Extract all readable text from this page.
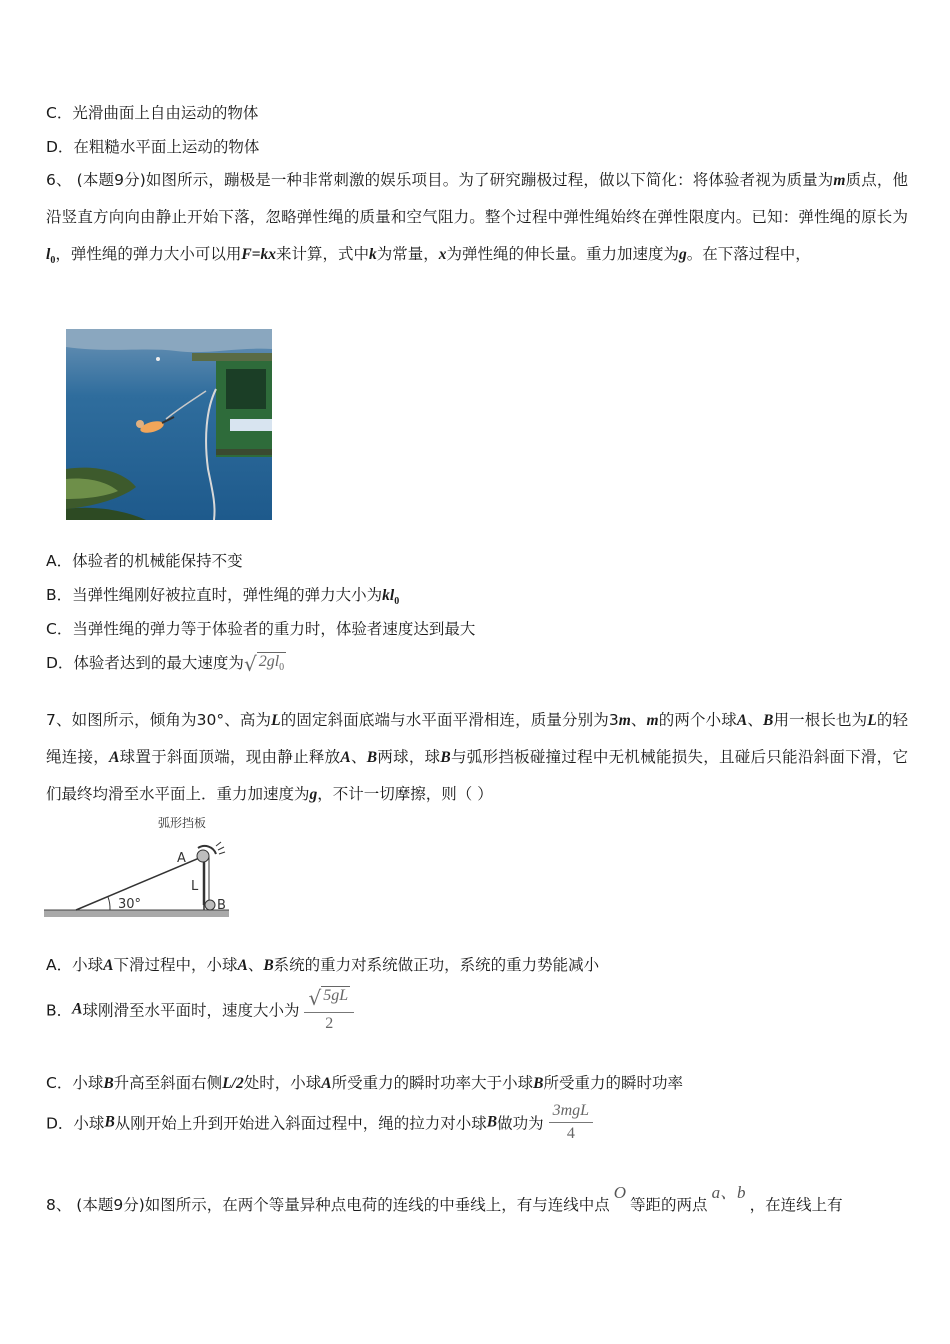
C．光滑曲面上自由运动的物体
D．在粗糙水平面上运动的物体
6、 (本题9分)如图所示，蹦极是一种非常刺激的娱乐项目。为了研究蹦极过程，做以下简化：将体验者视为质量为m质点，他沿竖直方向向由静止开始下落，忽略弹性绳的质量和空气阻力。整个过程中弹性绳始终在弹性限度内。已知：弹性绳的原长为$l_0$，弹性绳的弹力大小可以用F=kx来计算，式中k为常量，x为弹性绳的伸长量。重力加速度为g。在下落过程中，
A．体验者的机械能保持不变
B．当弹性绳刚好被拉直时，弹性绳的弹力大小为$kl_0$
C．当弹性绳的弹力等于体验者的重力时，体验者速度达到最大
D．体验者达到的最大速度为 √ $2gl_0$
7、如图所示，倾角为30°、高为L的固定斜面底端与水平面平滑相连，质量分别为3m、m的两个小球A、B用一根长也为L的轻绳连接，A球置于斜面顶端，现由静止释放A、B两球，球B与弧形挡板碰撞过程中无机械能损失，且碰后只能沿斜面下滑，它们最终均滑至水平面上．重力加速度为g，不计一切摩擦，则（ ）
弧形挡板
30°
A
L
B
A．小球A下滑过程中，小球A、B系统的重力对系统做正功，系统的重力势能减小
B．A球刚滑至水平面时，速度大小为 $\frac{√ 5gL}{2}$
C．小球B升高至斜面右侧L/2处时，小球A所受重力的瞬时功率大于小球B所受重力的瞬时功率
D．小球B从刚开始上升到开始进入斜面过程中，绳的拉力对小球B做功为 $\frac{\text{3mgL}}{4}$
8、 (本题9分)如图所示，在两个等量异种点电荷的连线的中垂线上，有与连线中点O等距的两点a、b，在连线上有
